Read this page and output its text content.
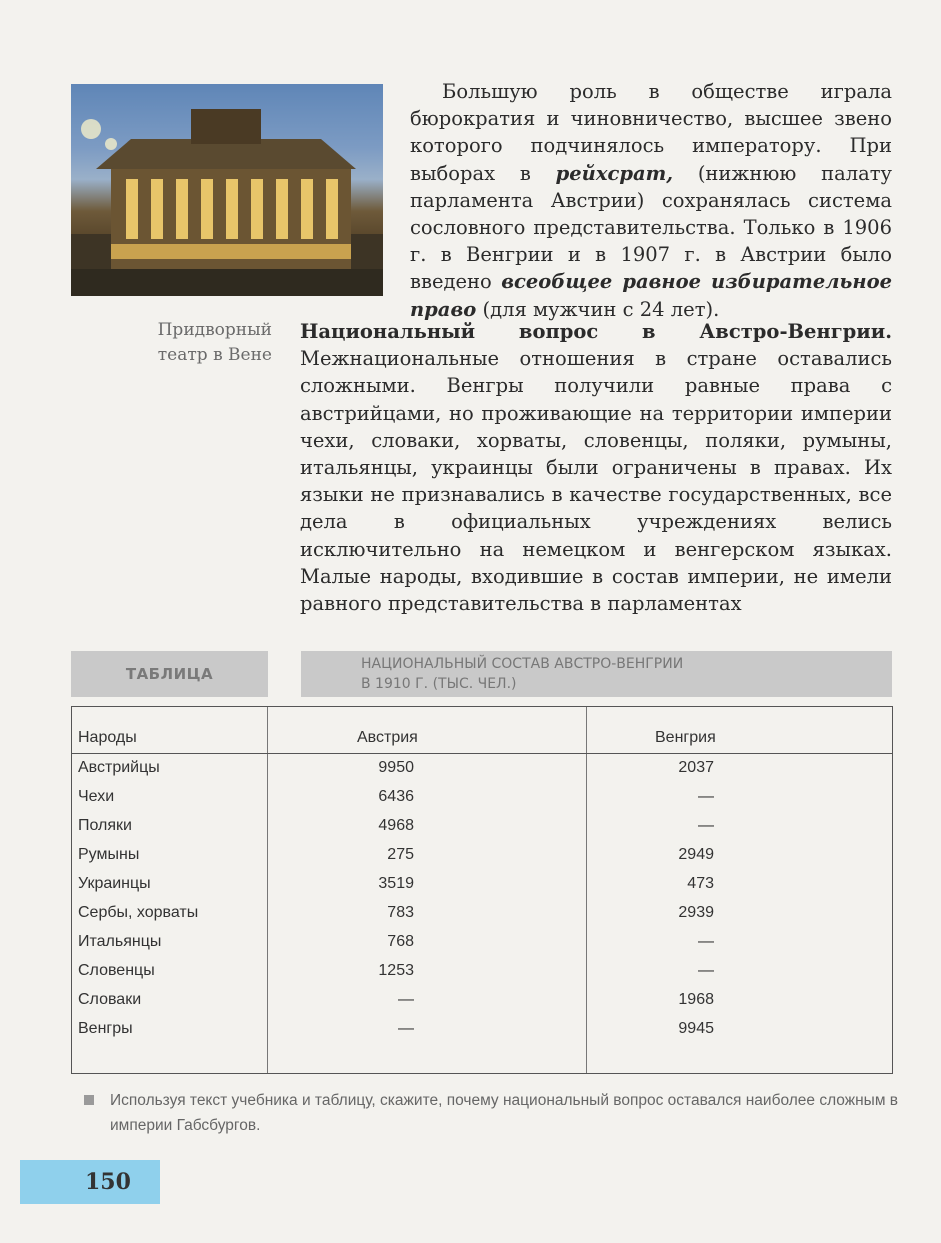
Придворный
театр в Вене
Большую роль в обществе играла бюрократия и чиновничество, высшее звено которого подчинялось императору. При выборах в рейхсрат, (нижнюю палату парламента Австрии) сохранялась система сословного представительства. Только в 1906 г. в Венгрии и в 1907 г. в Австрии было введено всеобщее равное избирательное право (для мужчин с 24 лет).
Национальный вопрос в Австро-Венгрии. Межнациональные отношения в стране оставались сложными. Венгры получили равные права с австрийцами, но проживающие на территории империи чехи, словаки, хорваты, словенцы, поляки, румыны, итальянцы, украинцы были ограничены в правах. Их языки не признавались в качестве государственных, все дела в официальных учреждениях велись исключительно на немецком и венгерском языках. Малые народы, входившие в состав империи, не имели равного представительства в парламентах
ТАБЛИЦА
НАЦИОНАЛЬНЫЙ СОСТАВ АВСТРО-ВЕНГРИИ
В 1910 Г. (ТЫС. ЧЕЛ.)
Народы	Австрия	Венгрия
Австрийцы	9950	2037
Чехи	6436	—
Поляки	4968	—
Румыны	275	2949
Украинцы	3519	473
Сербы, хорваты	783	2939
Итальянцы	768	—
Словенцы	1253	—
Словаки	—	1968
Венгры	—	9945
Используя текст учебника и таблицу, скажите, почему национальный вопрос оставался наиболее сложным в империи Габсбургов.
150
